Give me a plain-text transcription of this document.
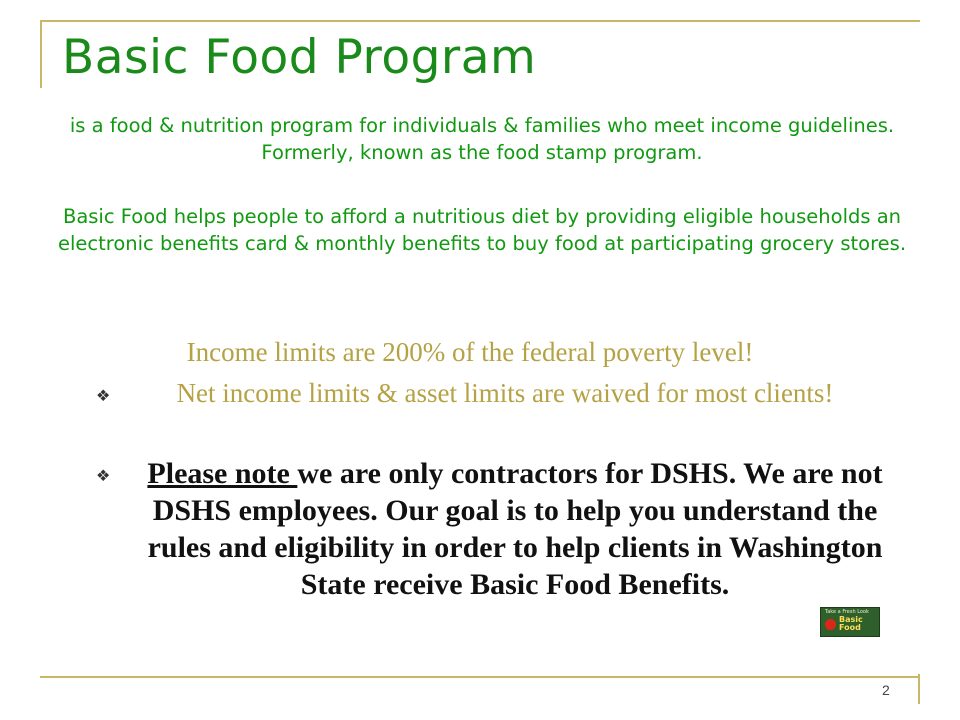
Basic Food Program

is a food & nutrition program for individuals & families who meet income guidelines. Formerly, known as the food stamp program.

Basic Food helps people to afford a nutritious diet by providing eligible households an electronic benefits card & monthly benefits to buy food at participating grocery stores.

Income limits are 200% of the federal poverty level!

❖	Net income limits & asset limits are waived for most clients!
❖	Please note we are only contractors for DSHS. We are not DSHS employees. Our goal is to help you understand the rules and eligibility in order to help clients in Washington State receive Basic Food Benefits.
Take a Fresh Look
Basic
Food

2
